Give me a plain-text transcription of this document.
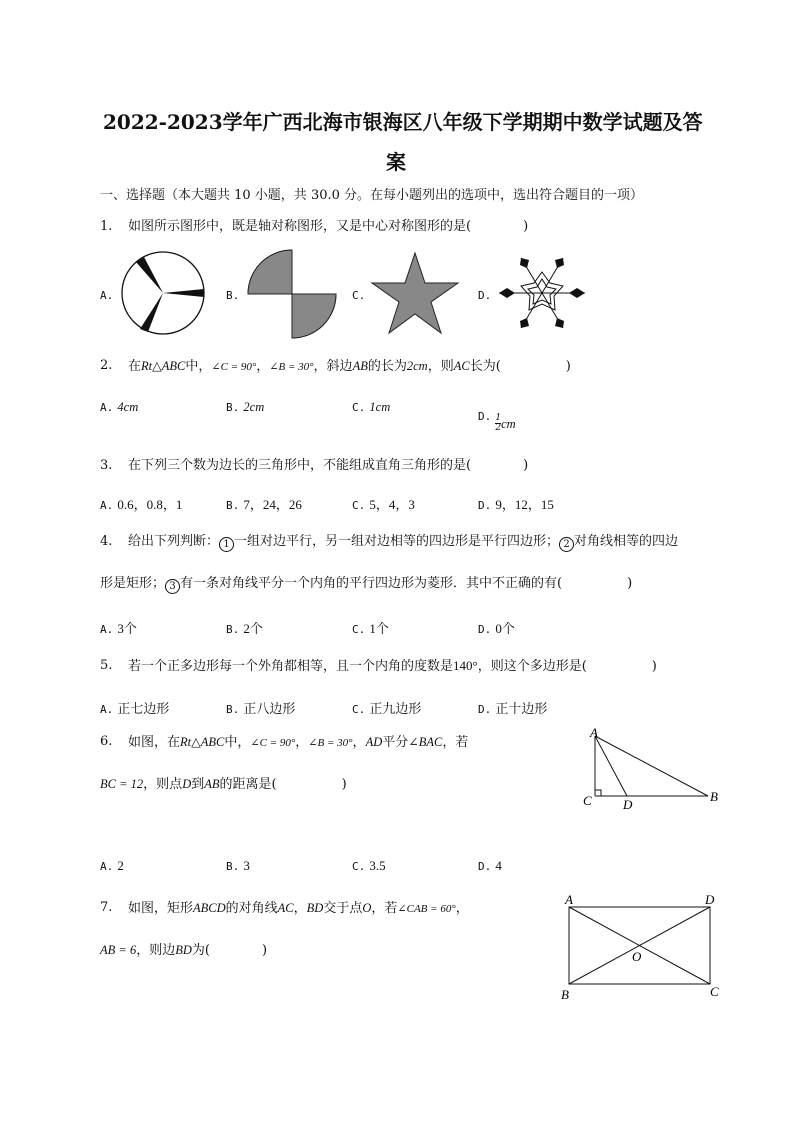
2022-2023学年广西北海市银海区八年级下学期期中数学试题及答
案
一、选择题（本大题共 10 小题，共 30.0 分。在每小题列出的选项中，选出符合题目的一项）
1. 如图所示图形中，既是轴对称图形，又是中心对称图形的是(　　　　)
A.	B.	C.	D.
2. 在Rt△ABC中，∠C = 90°，∠B = 30°，斜边AB的长为2cm，则AC长为(　　　　　)
A. 4cm	B. 2cm	C. 1cm
D. $\frac{1}{2}cm$
3. 在下列三个数为边长的三角形中，不能组成直角三角形的是(　　　　)
A. 0.6，0.8，1	B. 7，24，26	C. 5，4，3	D. 9，12，15
4. 给出下列判断： 1 一组对边平行，另一组对边相等的四边形是平行四边形； 2 对角线相等的四边
形是矩形； 3 有一条对角线平分一个内角的平行四边形为菱形．其中不正确的有(　　　　　)
A. 3个	B. 2个	C. 1个	D. 0个
5. 若一个正多边形每一个外角都相等，且一个内角的度数是140°，则这个多边形是(　　　　　)
A. 正七边形	B. 正八边形	C. 正九边形	D. 正十边形
6. 如图，在Rt△ABC中，∠C = 90°，∠B = 30°，AD平分∠BAC，若
BC = 12，则点D到AB的距离是(　　　　　)
A
C D
B
A. 2	B. 3	C. 3.5	D. 4
7. 如图，矩形ABCD的对角线AC，BD交于点O，若∠CAB = 60°，
AB = 6，则边BD为(　　　　)
A	D
B	C
O
